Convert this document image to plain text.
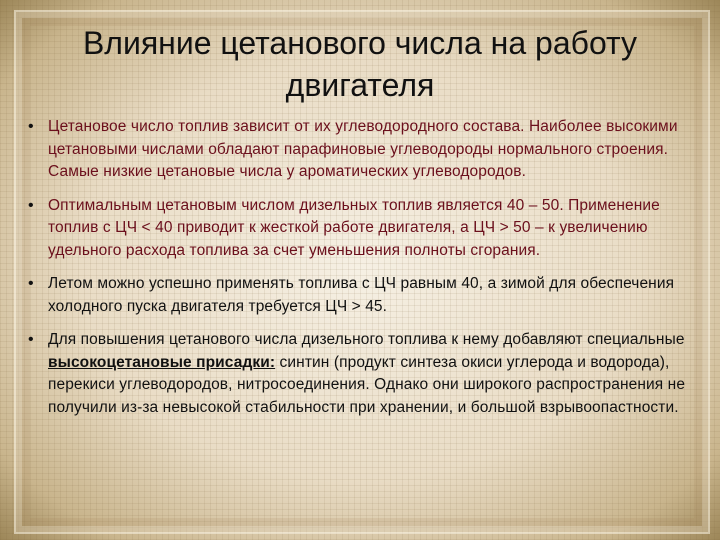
Влияние цетанового числа на работу двигателя
• Цетановое число топлив зависит от их углеводородного состава. Наиболее высокими цетановыми числами обладают парафиновые углеводороды нормального строения. Самые низкие цетановые числа у ароматических углеводородов.
• Оптимальным цетановым числом дизельных топлив является 40 – 50. Применение топлив с ЦЧ < 40 приводит к жесткой работе двигателя, а ЦЧ > 50 – к увеличению удельного расхода топлива за счет уменьшения полноты сгорания.
• Летом можно успешно применять топлива с ЦЧ равным 40, а зимой для обеспечения холодного пуска двигателя требуется ЦЧ > 45.
• Для повышения цетанового числа дизельного топлива к нему добавляют специальные высокоцетановые присадки: синтин (продукт синтеза окиси углерода и водорода), перекиси углеводородов, нитросоединения. Однако они широкого распространения не получили из-за невысокой стабильности при хранении, и большой взрывоопастности.
